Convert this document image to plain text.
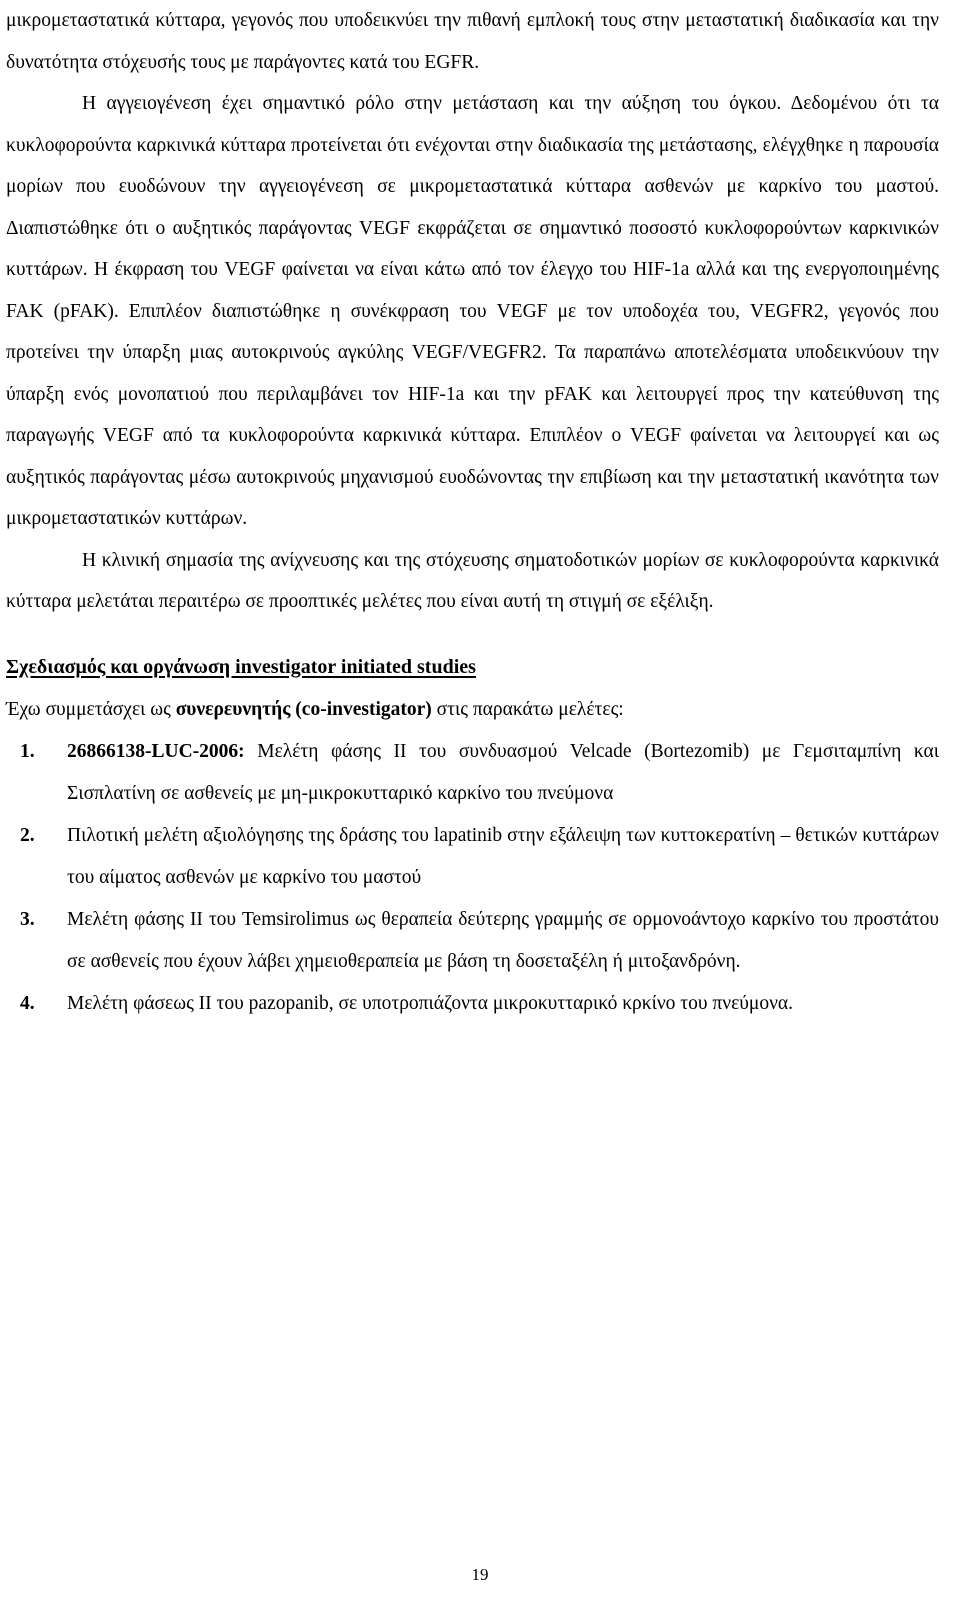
μικρομεταστατικά κύτταρα, γεγονός που υποδεικνύει την πιθανή εμπλοκή τους στην μεταστατική διαδικασία και την δυνατότητα στόχευσής τους με παράγοντες κατά του EGFR.

Η αγγειογένεση έχει σημαντικό ρόλο στην μετάσταση και την αύξηση του όγκου. Δεδομένου ότι τα κυκλοφορούντα καρκινικά κύτταρα προτείνεται ότι ενέχονται στην διαδικασία της μετάστασης, ελέγχθηκε η παρουσία μορίων που ευοδώνουν την αγγειογένεση σε μικρομεταστατικά κύτταρα ασθενών με καρκίνο του μαστού. Διαπιστώθηκε ότι ο αυξητικός παράγοντας VEGF εκφράζεται σε σημαντικό ποσοστό κυκλοφορούντων καρκινικών κυττάρων. Η έκφραση του VEGF φαίνεται να είναι κάτω από τον έλεγχο του HIF-1a αλλά και της ενεργοποιημένης FAK (pFAK). Επιπλέον διαπιστώθηκε η συνέκφραση του VEGF με τον υποδοχέα του, VEGFR2, γεγονός που προτείνει την ύπαρξη μιας αυτοκρινούς αγκύλης VEGF/VEGFR2. Τα παραπάνω αποτελέσματα υποδεικνύουν την ύπαρξη ενός μονοπατιού που περιλαμβάνει τον HIF-1a και την pFAK και λειτουργεί προς την κατεύθυνση της παραγωγής VEGF από τα κυκλοφορούντα καρκινικά κύτταρα. Επιπλέον ο VEGF φαίνεται να λειτουργεί και ως αυξητικός παράγοντας μέσω αυτοκρινούς μηχανισμού ευοδώνοντας την επιβίωση και την μεταστατική ικανότητα των μικρομεταστατικών κυττάρων.

Η κλινική σημασία της ανίχνευσης και της στόχευσης σηματοδοτικών μορίων σε κυκλοφορούντα καρκινικά κύτταρα μελετάται περαιτέρω σε προοπτικές μελέτες που είναι αυτή τη στιγμή σε εξέλιξη.

Σχεδιασμός και οργάνωση investigator initiated studies

Έχω συμμετάσχει ως συνερευνητής (co-investigator) στις παρακάτω μελέτες:

1. 26866138-LUC-2006: Μελέτη φάσης ΙΙ του συνδυασμού Velcade (Bortezomib) με Γεμσιταμπίνη και Σισπλατίνη σε ασθενείς με μη-μικροκυτταρικό καρκίνο του πνεύμονα
2. Πιλοτική μελέτη αξιολόγησης της δράσης του lapatinib στην εξάλειψη των κυττοκερατίνη – θετικών κυττάρων του αίματος ασθενών με καρκίνο του μαστού
3. Μελέτη φάσης ΙΙ του Temsirolimus ως θεραπεία δεύτερης γραμμής σε ορμονοάντοχο καρκίνο του προστάτου σε ασθενείς που έχουν λάβει χημειοθεραπεία με βάση τη δοσεταξέλη ή μιτοξανδρόνη.
4. Μελέτη φάσεως ΙΙ του pazopanib, σε υποτροπιάζοντα μικροκυτταρικό κρκίνο του πνεύμονα.
19
